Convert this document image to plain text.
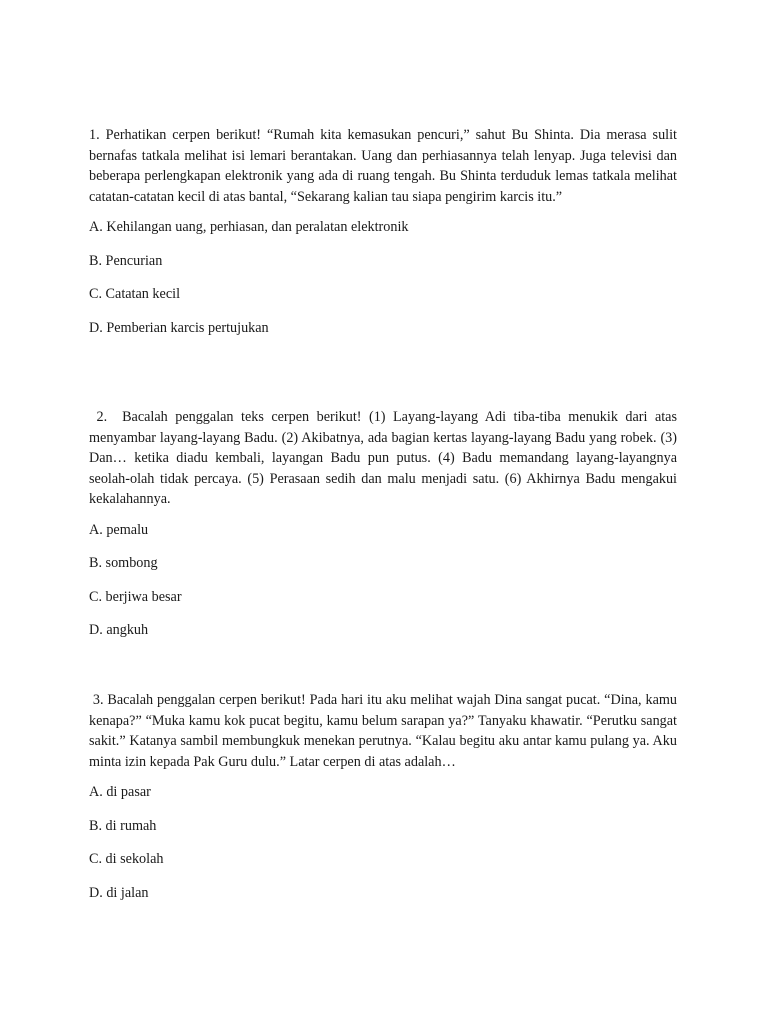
1. Perhatikan cerpen berikut! “Rumah kita kemasukan pencuri,” sahut Bu Shinta. Dia merasa sulit bernafas tatkala melihat isi lemari berantakan. Uang dan perhiasannya telah lenyap. Juga televisi dan beberapa perlengkapan elektronik yang ada di ruang tengah. Bu Shinta terduduk lemas tatkala melihat catatan-catatan kecil di atas bantal, “Sekarang kalian tau siapa pengirim karcis itu.”

A. Kehilangan uang, perhiasan, dan peralatan elektronik
B. Pencurian
C. Catatan kecil
D. Pemberian karcis pertujukan

2.  Bacalah penggalan teks cerpen berikut! (1) Layang-layang Adi tiba-tiba menukik dari atas menyambar layang-layang Badu. (2) Akibatnya, ada bagian kertas layang-layang Badu yang robek. (3) Dan… ketika diadu kembali, layangan Badu pun putus. (4) Badu memandang layang-layangnya seolah-olah tidak percaya. (5) Perasaan sedih dan malu menjadi satu. (6) Akhirnya Badu mengakui kekalahannya.

A. pemalu
B. sombong
C. berjiwa besar
D. angkuh

3. Bacalah penggalan cerpen berikut! Pada hari itu aku melihat wajah Dina sangat pucat. “Dina, kamu kenapa?” “Muka kamu kok pucat begitu, kamu belum sarapan ya?” Tanyaku khawatir. “Perutku sangat sakit.” Katanya sambil membungkuk menekan perutnya. “Kalau begitu aku antar kamu pulang ya. Aku minta izin kepada Pak Guru dulu.” Latar cerpen di atas adalah…

A. di pasar
B. di rumah
C. di sekolah
D. di jalan
